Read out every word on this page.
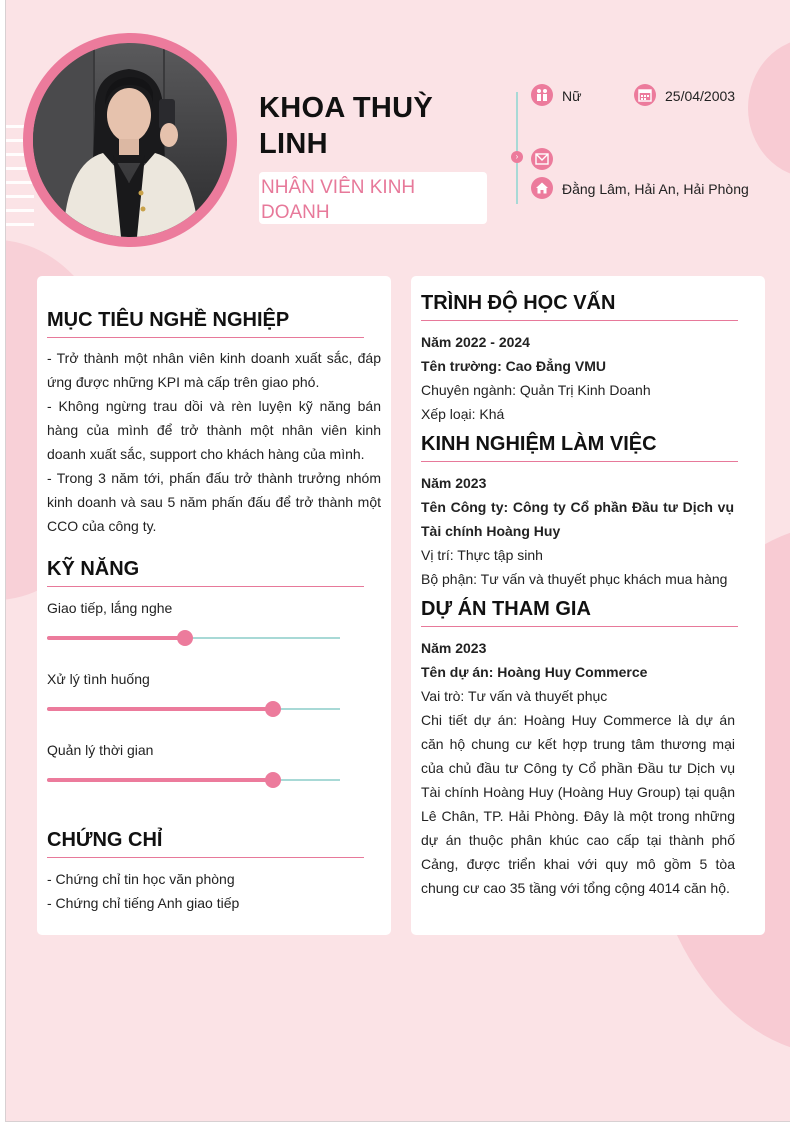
KHOA THUỲ LINH
NHÂN VIÊN KINH DOANH
›
Nữ	25/04/2003
Đằng Lâm, Hải An, Hải Phòng
MỤC TIÊU NGHỀ NGHIỆP
- Trở thành một nhân viên kinh doanh xuất sắc, đáp ứng được những KPI mà cấp trên giao phó.
- Không ngừng trau dồi và rèn luyện kỹ năng bán hàng của mình để trở thành một nhân viên kinh doanh xuất sắc, support cho khách hàng của mình.
- Trong 3 năm tới, phấn đấu trở thành trưởng nhóm kinh doanh và sau 5 năm phấn đấu để trở thành một CCO của công ty.
KỸ NĂNG
Giao tiếp, lắng nghe
Xử lý tình huống
Quản lý thời gian
CHỨNG CHỈ
- Chứng chỉ tin học văn phòng
- Chứng chỉ tiếng Anh giao tiếp
TRÌNH ĐỘ HỌC VẤN
Năm 2022 - 2024
Tên trường: Cao Đẳng VMU
Chuyên ngành: Quản Trị Kinh Doanh
Xếp loại: Khá
KINH NGHIỆM LÀM VIỆC
Năm 2023
Tên Công ty: Công ty Cổ phần Đầu tư Dịch vụ Tài chính Hoàng Huy
Vị trí: Thực tập sinh
Bộ phận: Tư vấn và thuyết phục khách mua hàng
DỰ ÁN THAM GIA
Năm 2023
Tên dự án: Hoàng Huy Commerce
Vai trò: Tư vấn và thuyết phục
Chi tiết dự án: Hoàng Huy Commerce là dự án căn hộ chung cư kết hợp trung tâm thương mại của chủ đầu tư Công ty Cổ phần Đầu tư Dịch vụ Tài chính Hoàng Huy (Hoàng Huy Group) tại quận Lê Chân, TP. Hải Phòng. Đây là một trong những dự án thuộc phân khúc cao cấp tại thành phố Cảng, được triển khai với quy mô gồm 5 tòa chung cư cao 35 tầng với tổng cộng 4014 căn hộ.
